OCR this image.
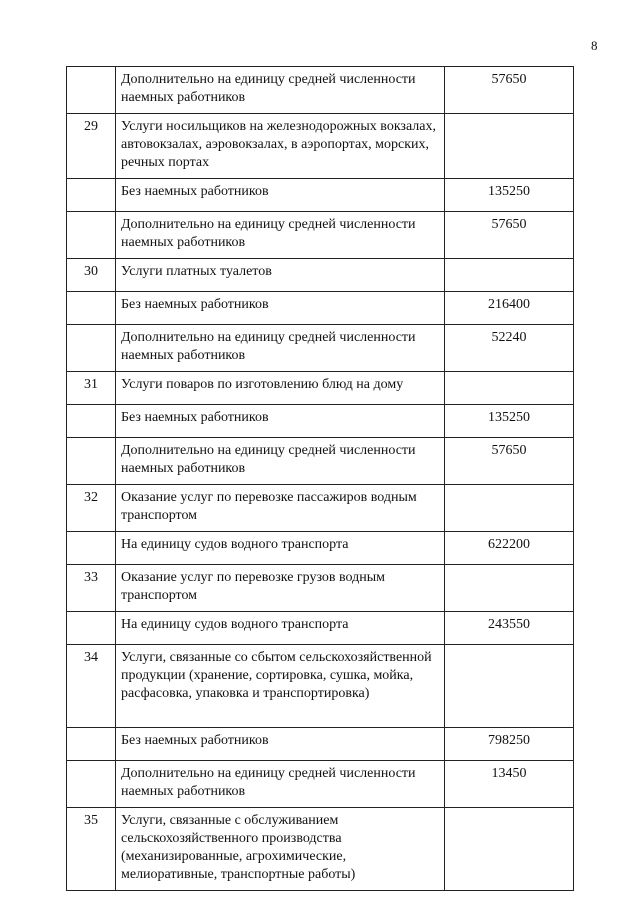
8
	Дополнительно на единицу средней численности наемных работников	57650
29	Услуги носильщиков на железнодорожных вокзалах, автовокзалах, аэровокзалах, в аэропортах, морских, речных портах	
	Без наемных работников	135250
	Дополнительно на единицу средней численности наемных работников	57650
30	Услуги платных туалетов	
	Без наемных работников	216400
	Дополнительно на единицу средней численности наемных работников	52240
31	Услуги поваров по изготовлению блюд на дому	
	Без наемных работников	135250
	Дополнительно на единицу средней численности наемных работников	57650
32	Оказание услуг по перевозке пассажиров водным транспортом	
	На единицу судов водного транспорта	622200
33	Оказание услуг по перевозке грузов водным транспортом	
	На единицу судов водного транспорта	243550
34	Услуги, связанные со сбытом сельскохозяйственной продукции (хранение, сортировка, сушка, мойка, расфасовка, упаковка и транспортировка)	
	Без наемных работников	798250
	Дополнительно на единицу средней численности наемных работников	13450
35	Услуги, связанные с обслуживанием сельскохозяйственного производства (механизированные, агрохимические, мелиоративные, транспортные работы)	
